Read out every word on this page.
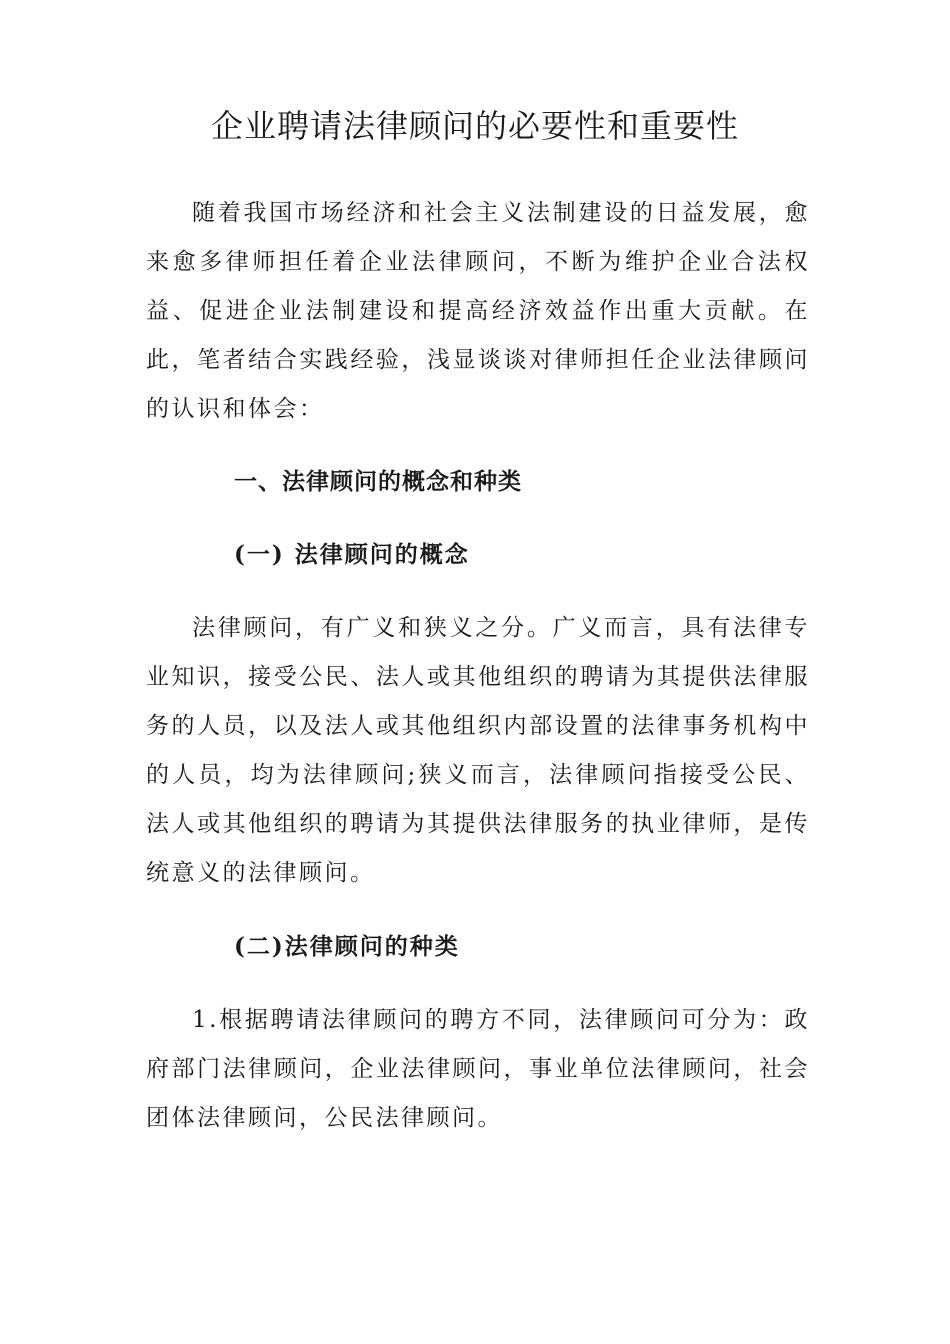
企业聘请法律顾问的必要性和重要性

随着我国市场经济和社会主义法制建设的日益发展，愈来愈多律师担任着企业法律顾问，不断为维护企业合法权益、促进企业法制建设和提高经济效益作出重大贡献。在此，笔者结合实践经验，浅显谈谈对律师担任企业法律顾问的认识和体会：

一、法律顾问的概念和种类
(一) 法律顾问的概念

法律顾问，有广义和狭义之分。广义而言，具有法律专业知识，接受公民、法人或其他组织的聘请为其提供法律服务的人员，以及法人或其他组织内部设置的法律事务机构中的人员，均为法律顾问;狭义而言，法律顾问指接受公民、法人或其他组织的聘请为其提供法律服务的执业律师，是传统意义的法律顾问。

(二)法律顾问的种类

1.根据聘请法律顾问的聘方不同，法律顾问可分为：政府部门法律顾问，企业法律顾问，事业单位法律顾问，社会团体法律顾问，公民法律顾问。
